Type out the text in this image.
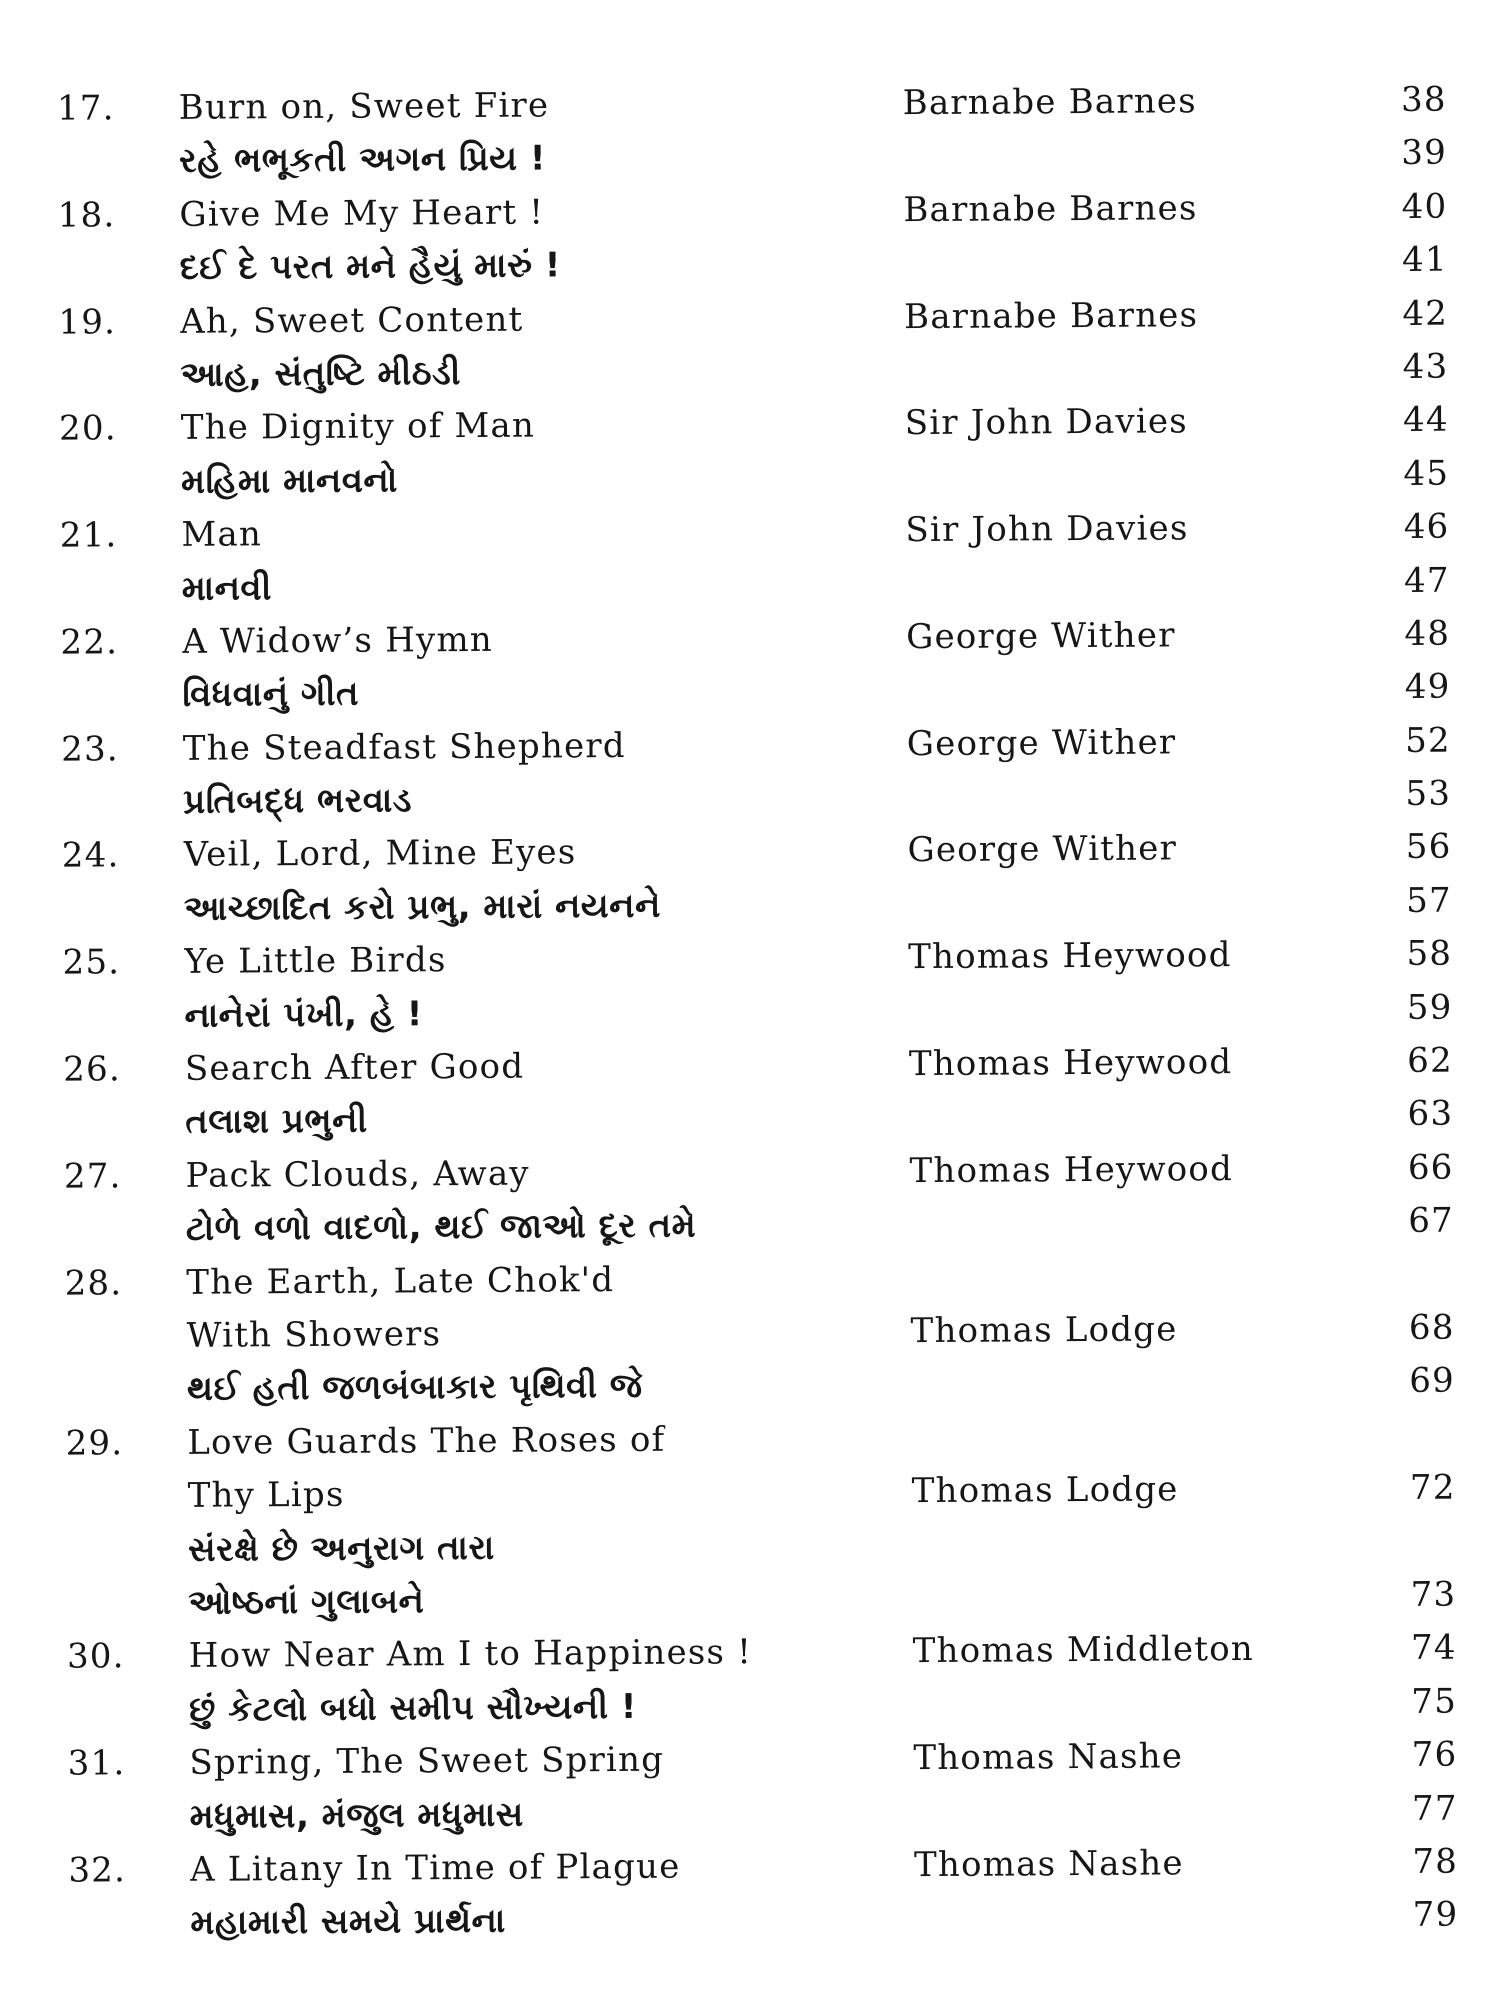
17. Burn on, Sweet Fire	Barnabe Barnes	38
રહે ભભૂકતી અગન પ્રિય !	39
18. Give Me My Heart !	Barnabe Barnes	40
દઈ દે પરત મને હૈયું મારું !	41
19. Ah, Sweet Content	Barnabe Barnes	42
આહ, સંતુષ્ટિ મીઠડી	43
20. The Dignity of Man	Sir John Davies	44
મહિમા માનવનો	45
21. Man	Sir John Davies	46
માનવી	47
22. A Widow’s Hymn	George Wither	48
વિધવાનું ગીત	49
23. The Steadfast Shepherd	George Wither	52
પ્રતિબદ્ધ ભરવાડ	53
24. Veil, Lord, Mine Eyes	George Wither	56
આચ્છાદિત કરો પ્રભુ, મારાં નયનને	57
25. Ye Little Birds	Thomas Heywood	58
નાનેરાં પંખી, હે !	59
26. Search After Good	Thomas Heywood	62
તલાશ પ્રભુની	63
27. Pack Clouds, Away	Thomas Heywood	66
ટોળે વળો વાદળો, થઈ જાઓ દૂર તમે	67
28. The Earth, Late Chok'd
With Showers	Thomas Lodge	68
થઈ હતી જળબંબાકાર પૃથિવી જે	69
29. Love Guards The Roses of
Thy Lips	Thomas Lodge	72
સંરક્ષે છે અનુરાગ તારા
ઓષ્ઠનાં ગુલાબને	73
30. How Near Am I to Happiness !	Thomas Middleton	74
છું કેટલો બધો સમીપ સૌખ્યની !	75
31. Spring, The Sweet Spring	Thomas Nashe	76
મધુમાસ, મંજુલ મધુમાસ	77
32. A Litany In Time of Plague	Thomas Nashe	78
મહામારી સમયે પ્રાર્થના	79
